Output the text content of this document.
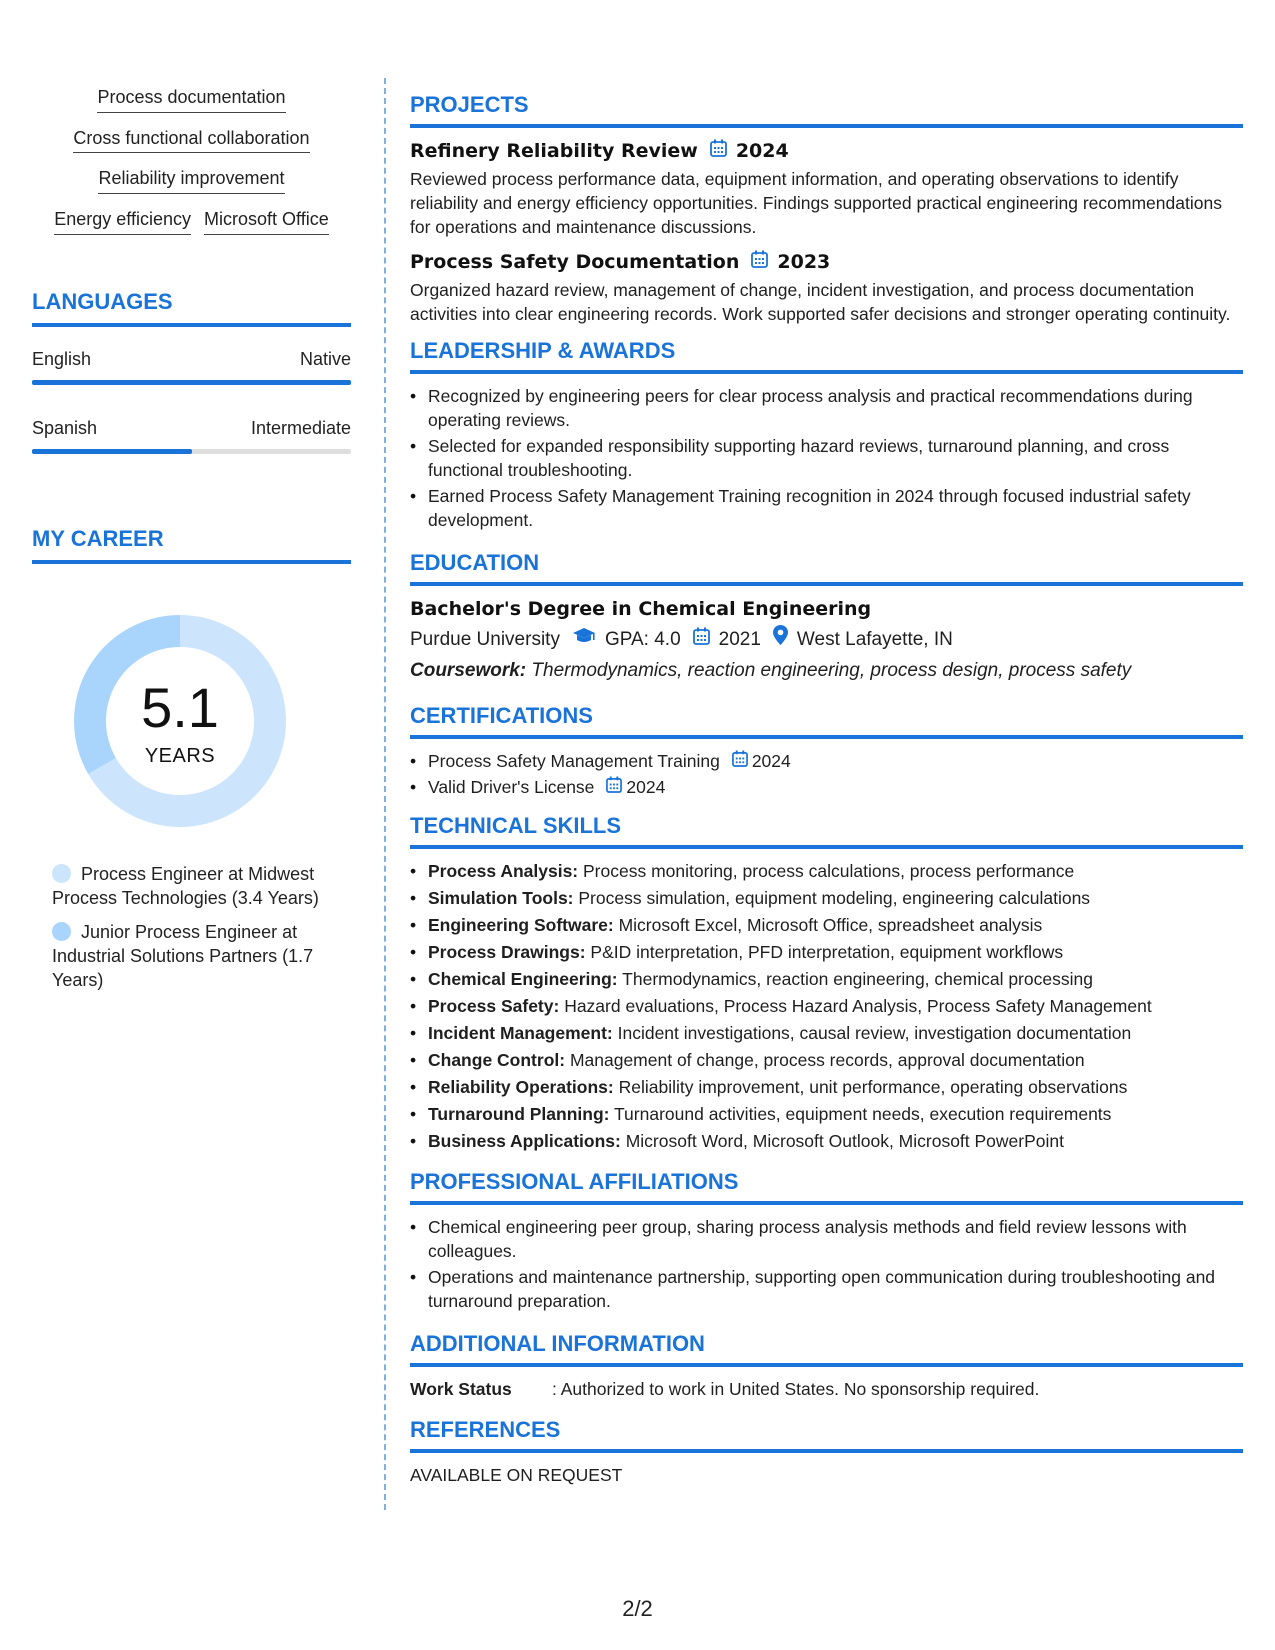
Process documentation
Cross functional collaboration
Reliability improvement
Energy efficiency Microsoft Office
LANGUAGES
English	Native
Spanish	Intermediate
MY CAREER
5.1
YEARS
Process Engineer at Midwest Process Technologies (3.4 Years)
Junior Process Engineer at Industrial Solutions Partners (1.7 Years)
PROJECTS
Refinery Reliability Review 2024
Reviewed process performance data, equipment information, and operating observations to identify reliability and energy efficiency opportunities. Findings supported practical engineering recommendations for operations and maintenance discussions.
Process Safety Documentation 2023
Organized hazard review, management of change, incident investigation, and process documentation activities into clear engineering records. Work supported safer decisions and stronger operating continuity.
LEADERSHIP & AWARDS
• Recognized by engineering peers for clear process analysis and practical recommendations during operating reviews.
• Selected for expanded responsibility supporting hazard reviews, turnaround planning, and cross functional troubleshooting.
• Earned Process Safety Management Training recognition in 2024 through focused industrial safety development.
EDUCATION
Bachelor's Degree in Chemical Engineering
Purdue University GPA: 4.0 2021 West Lafayette, IN
Coursework: Thermodynamics, reaction engineering, process design, process safety
CERTIFICATIONS
• Process Safety Management Training 2024
• Valid Driver's License 2024
TECHNICAL SKILLS
• Process Analysis: Process monitoring, process calculations, process performance
• Simulation Tools: Process simulation, equipment modeling, engineering calculations
• Engineering Software: Microsoft Excel, Microsoft Office, spreadsheet analysis
• Process Drawings: P&ID interpretation, PFD interpretation, equipment workflows
• Chemical Engineering: Thermodynamics, reaction engineering, chemical processing
• Process Safety: Hazard evaluations, Process Hazard Analysis, Process Safety Management
• Incident Management: Incident investigations, causal review, investigation documentation
• Change Control: Management of change, process records, approval documentation
• Reliability Operations: Reliability improvement, unit performance, operating observations
• Turnaround Planning: Turnaround activities, equipment needs, execution requirements
• Business Applications: Microsoft Word, Microsoft Outlook, Microsoft PowerPoint
PROFESSIONAL AFFILIATIONS
• Chemical engineering peer group, sharing process analysis methods and field review lessons with colleagues.
• Operations and maintenance partnership, supporting open communication during troubleshooting and turnaround preparation.
ADDITIONAL INFORMATION
Work Status	: Authorized to work in United States. No sponsorship required.
REFERENCES
AVAILABLE ON REQUEST
2/2
